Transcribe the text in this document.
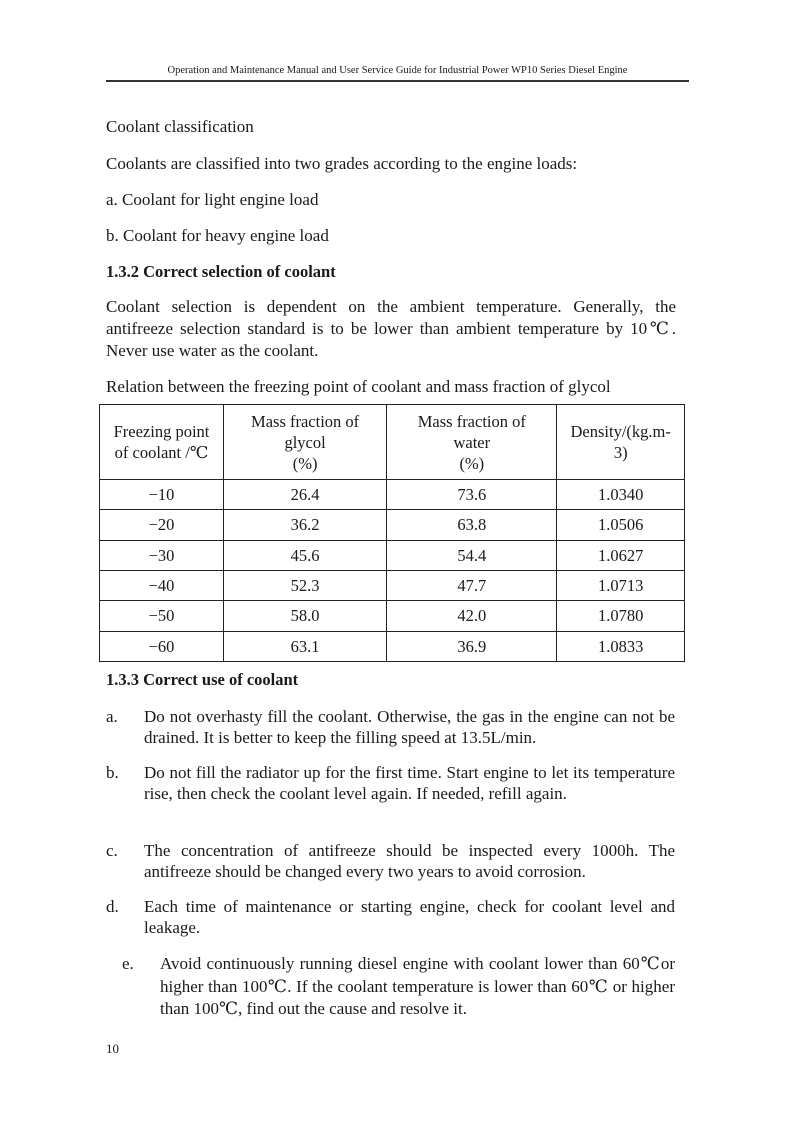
Operation and Maintenance Manual and User Service Guide for Industrial Power WP10 Series Diesel Engine

Coolant classification

Coolants are classified into two grades according to the engine loads:

a. Coolant for light engine load

b. Coolant for heavy engine load

1.3.2 Correct selection of coolant

Coolant selection is dependent on the ambient temperature. Generally, the antifreeze selection standard is to be lower than ambient temperature by 10℃. Never use water as the coolant.

Relation between the freezing point of coolant and mass fraction of glycol

Freezing point
of coolant /℃	Mass fraction of
glycol
(%)	Mass fraction of
water
(%)	Density/(kg.m-
3)
−10	26.4	73.6	1.0340
−20	36.2	63.8	1.0506
−30	45.6	54.4	1.0627
−40	52.3	47.7	1.0713
−50	58.0	42.0	1.0780
−60	63.1	36.9	1.0833

1.3.3 Correct use of coolant

a. Do not overhasty fill the coolant. Otherwise, the gas in the engine can not be drained. It is better to keep the filling speed at 13.5L/min.
b. Do not fill the radiator up for the first time. Start engine to let its temperature rise, then check the coolant level again. If needed, refill again.
c. The concentration of antifreeze should be inspected every 1000h. The antifreeze should be changed every two years to avoid corrosion.
d. Each time of maintenance or starting engine, check for coolant level and leakage.
e. Avoid continuously running diesel engine with coolant lower than 60℃or higher than 100℃. If the coolant temperature is lower than 60℃ or higher than 100℃, find out the cause and resolve it.
10
